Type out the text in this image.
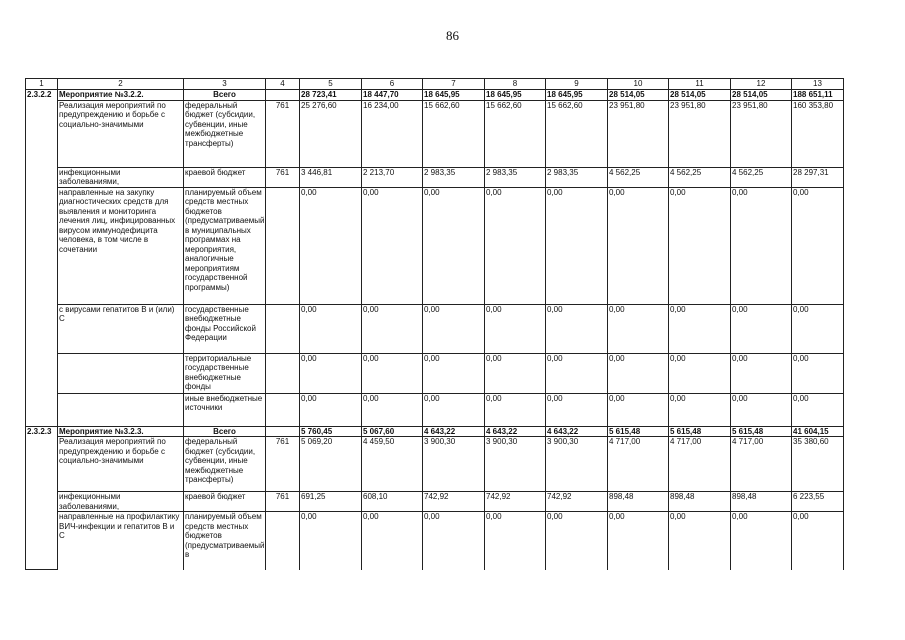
86
1	2	3	4	5	6	7	8	9	10	11	12	13
2.3.2.2	Мероприятие №3.2.2.	Всего		28 723,41	18 447,70	18 645,95	18 645,95	18 645,95	28 514,05	28 514,05	28 514,05	188 651,11
	Реализация мероприятий по предупреждению и борьбе с социально-значимыми	федеральный бюджет (субсидии, субвенции, иные межбюджетные трансферты)	761	25 276,60	16 234,00	15 662,60	15 662,60	15 662,60	23 951,80	23 951,80	23 951,80	160 353,80
	инфекционными заболеваниями,	краевой бюджет	761	3 446,81	2 213,70	2 983,35	2 983,35	2 983,35	4 562,25	4 562,25	4 562,25	28 297,31
	направленные на закупку диагностических средств для выявления и мониторинга лечения лиц, инфицированных вирусом иммунодефицита человека, в том числе в сочетании	планируемый объем средств местных бюджетов (предусматриваемый в муниципальных программах на мероприятия, аналогичные мероприятиям государственной программы)		0,00	0,00	0,00	0,00	0,00	0,00	0,00	0,00	0,00
	с вирусами гепатитов В и (или) С	государственные внебюджетные фонды Российской Федерации		0,00	0,00	0,00	0,00	0,00	0,00	0,00	0,00	0,00
		территориальные государственные внебюджетные фонды		0,00	0,00	0,00	0,00	0,00	0,00	0,00	0,00	0,00
		иные внебюджетные источники		0,00	0,00	0,00	0,00	0,00	0,00	0,00	0,00	0,00
2.3.2.3	Мероприятие №3.2.3.	Всего		5 760,45	5 067,60	4 643,22	4 643,22	4 643,22	5 615,48	5 615,48	5 615,48	41 604,15
	Реализация мероприятий по предупреждению и борьбе с социально-значимыми	федеральный бюджет (субсидии, субвенции, иные межбюджетные трансферты)	761	5 069,20	4 459,50	3 900,30	3 900,30	3 900,30	4 717,00	4 717,00	4 717,00	35 380,60
	инфекционными заболеваниями,	краевой бюджет	761	691,25	608,10	742,92	742,92	742,92	898,48	898,48	898,48	6 223,55
	направленные на профилактику ВИЧ-инфекции и гепатитов В и С	планируемый объем средств местных бюджетов (предусматриваемый в		0,00	0,00	0,00	0,00	0,00	0,00	0,00	0,00	0,00
